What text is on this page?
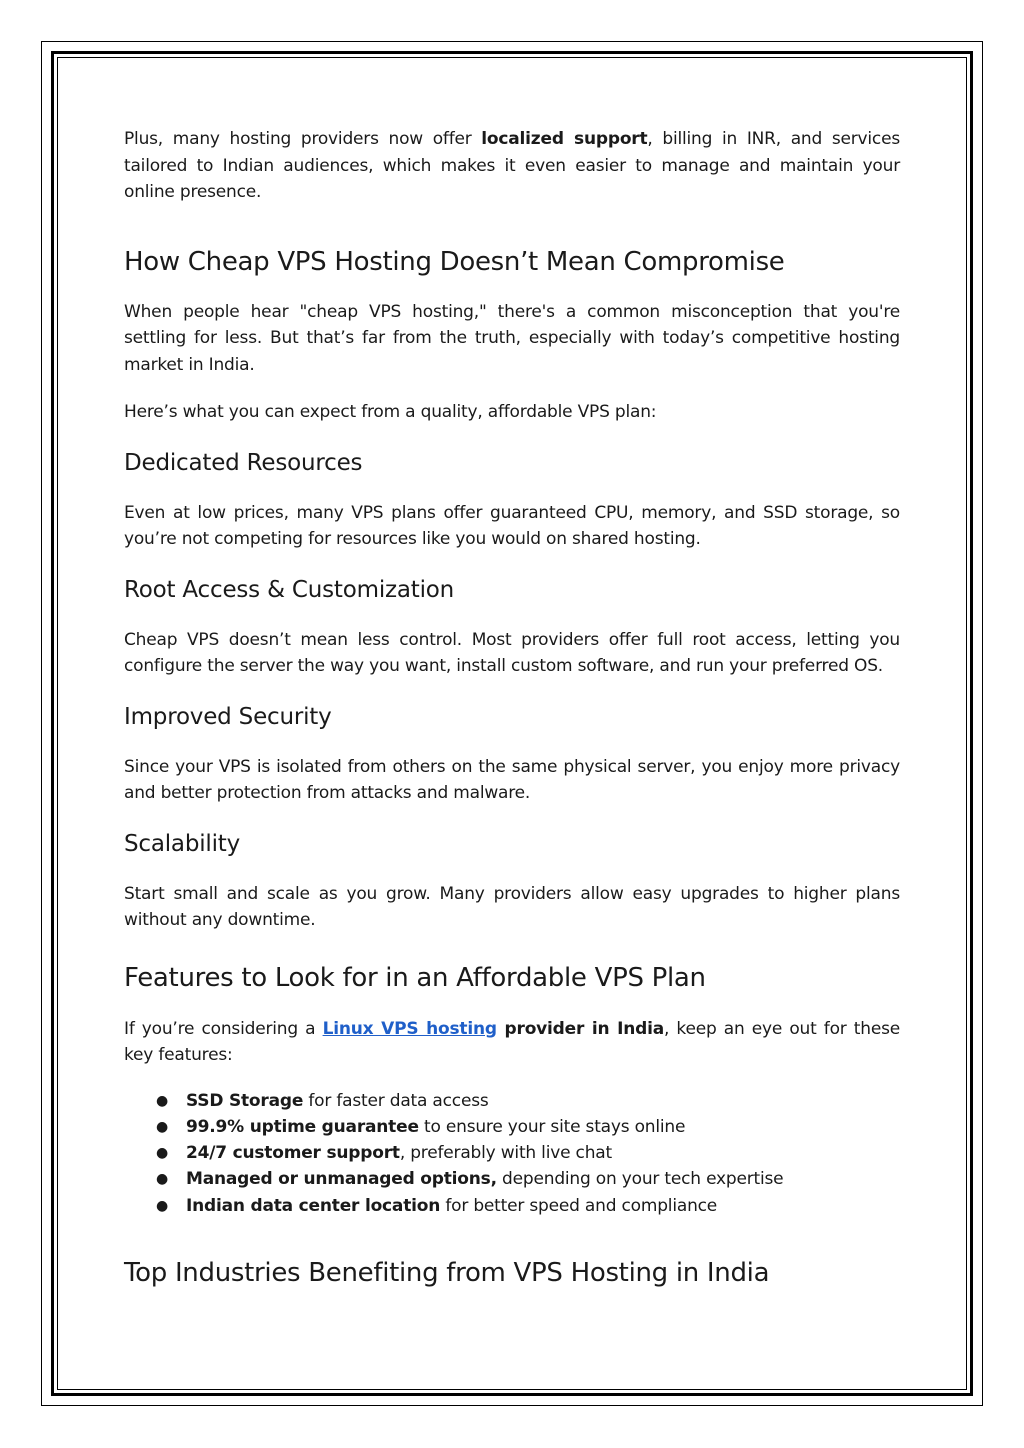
Plus, many hosting providers now offer localized support, billing in INR, and services tailored to Indian audiences, which makes it even easier to manage and maintain your online presence.

How Cheap VPS Hosting Doesn’t Mean Compromise

When people hear "cheap VPS hosting," there's a common misconception that you're settling for less. But that’s far from the truth, especially with today’s competitive hosting market in India.

Here’s what you can expect from a quality, affordable VPS plan:

Dedicated Resources

Even at low prices, many VPS plans offer guaranteed CPU, memory, and SSD storage, so you’re not competing for resources like you would on shared hosting.

Root Access & Customization

Cheap VPS doesn’t mean less control. Most providers offer full root access, letting you configure the server the way you want, install custom software, and run your preferred OS.

Improved Security

Since your VPS is isolated from others on the same physical server, you enjoy more privacy and better protection from attacks and malware.

Scalability

Start small and scale as you grow. Many providers allow easy upgrades to higher plans without any downtime.

Features to Look for in an Affordable VPS Plan

If you’re considering a Linux VPS hosting provider in India, keep an eye out for these key features:

● SSD Storage for faster data access
● 99.9% uptime guarantee to ensure your site stays online
● 24/7 customer support, preferably with live chat
● Managed or unmanaged options, depending on your tech expertise
● Indian data center location for better speed and compliance
Top Industries Benefiting from VPS Hosting in India
